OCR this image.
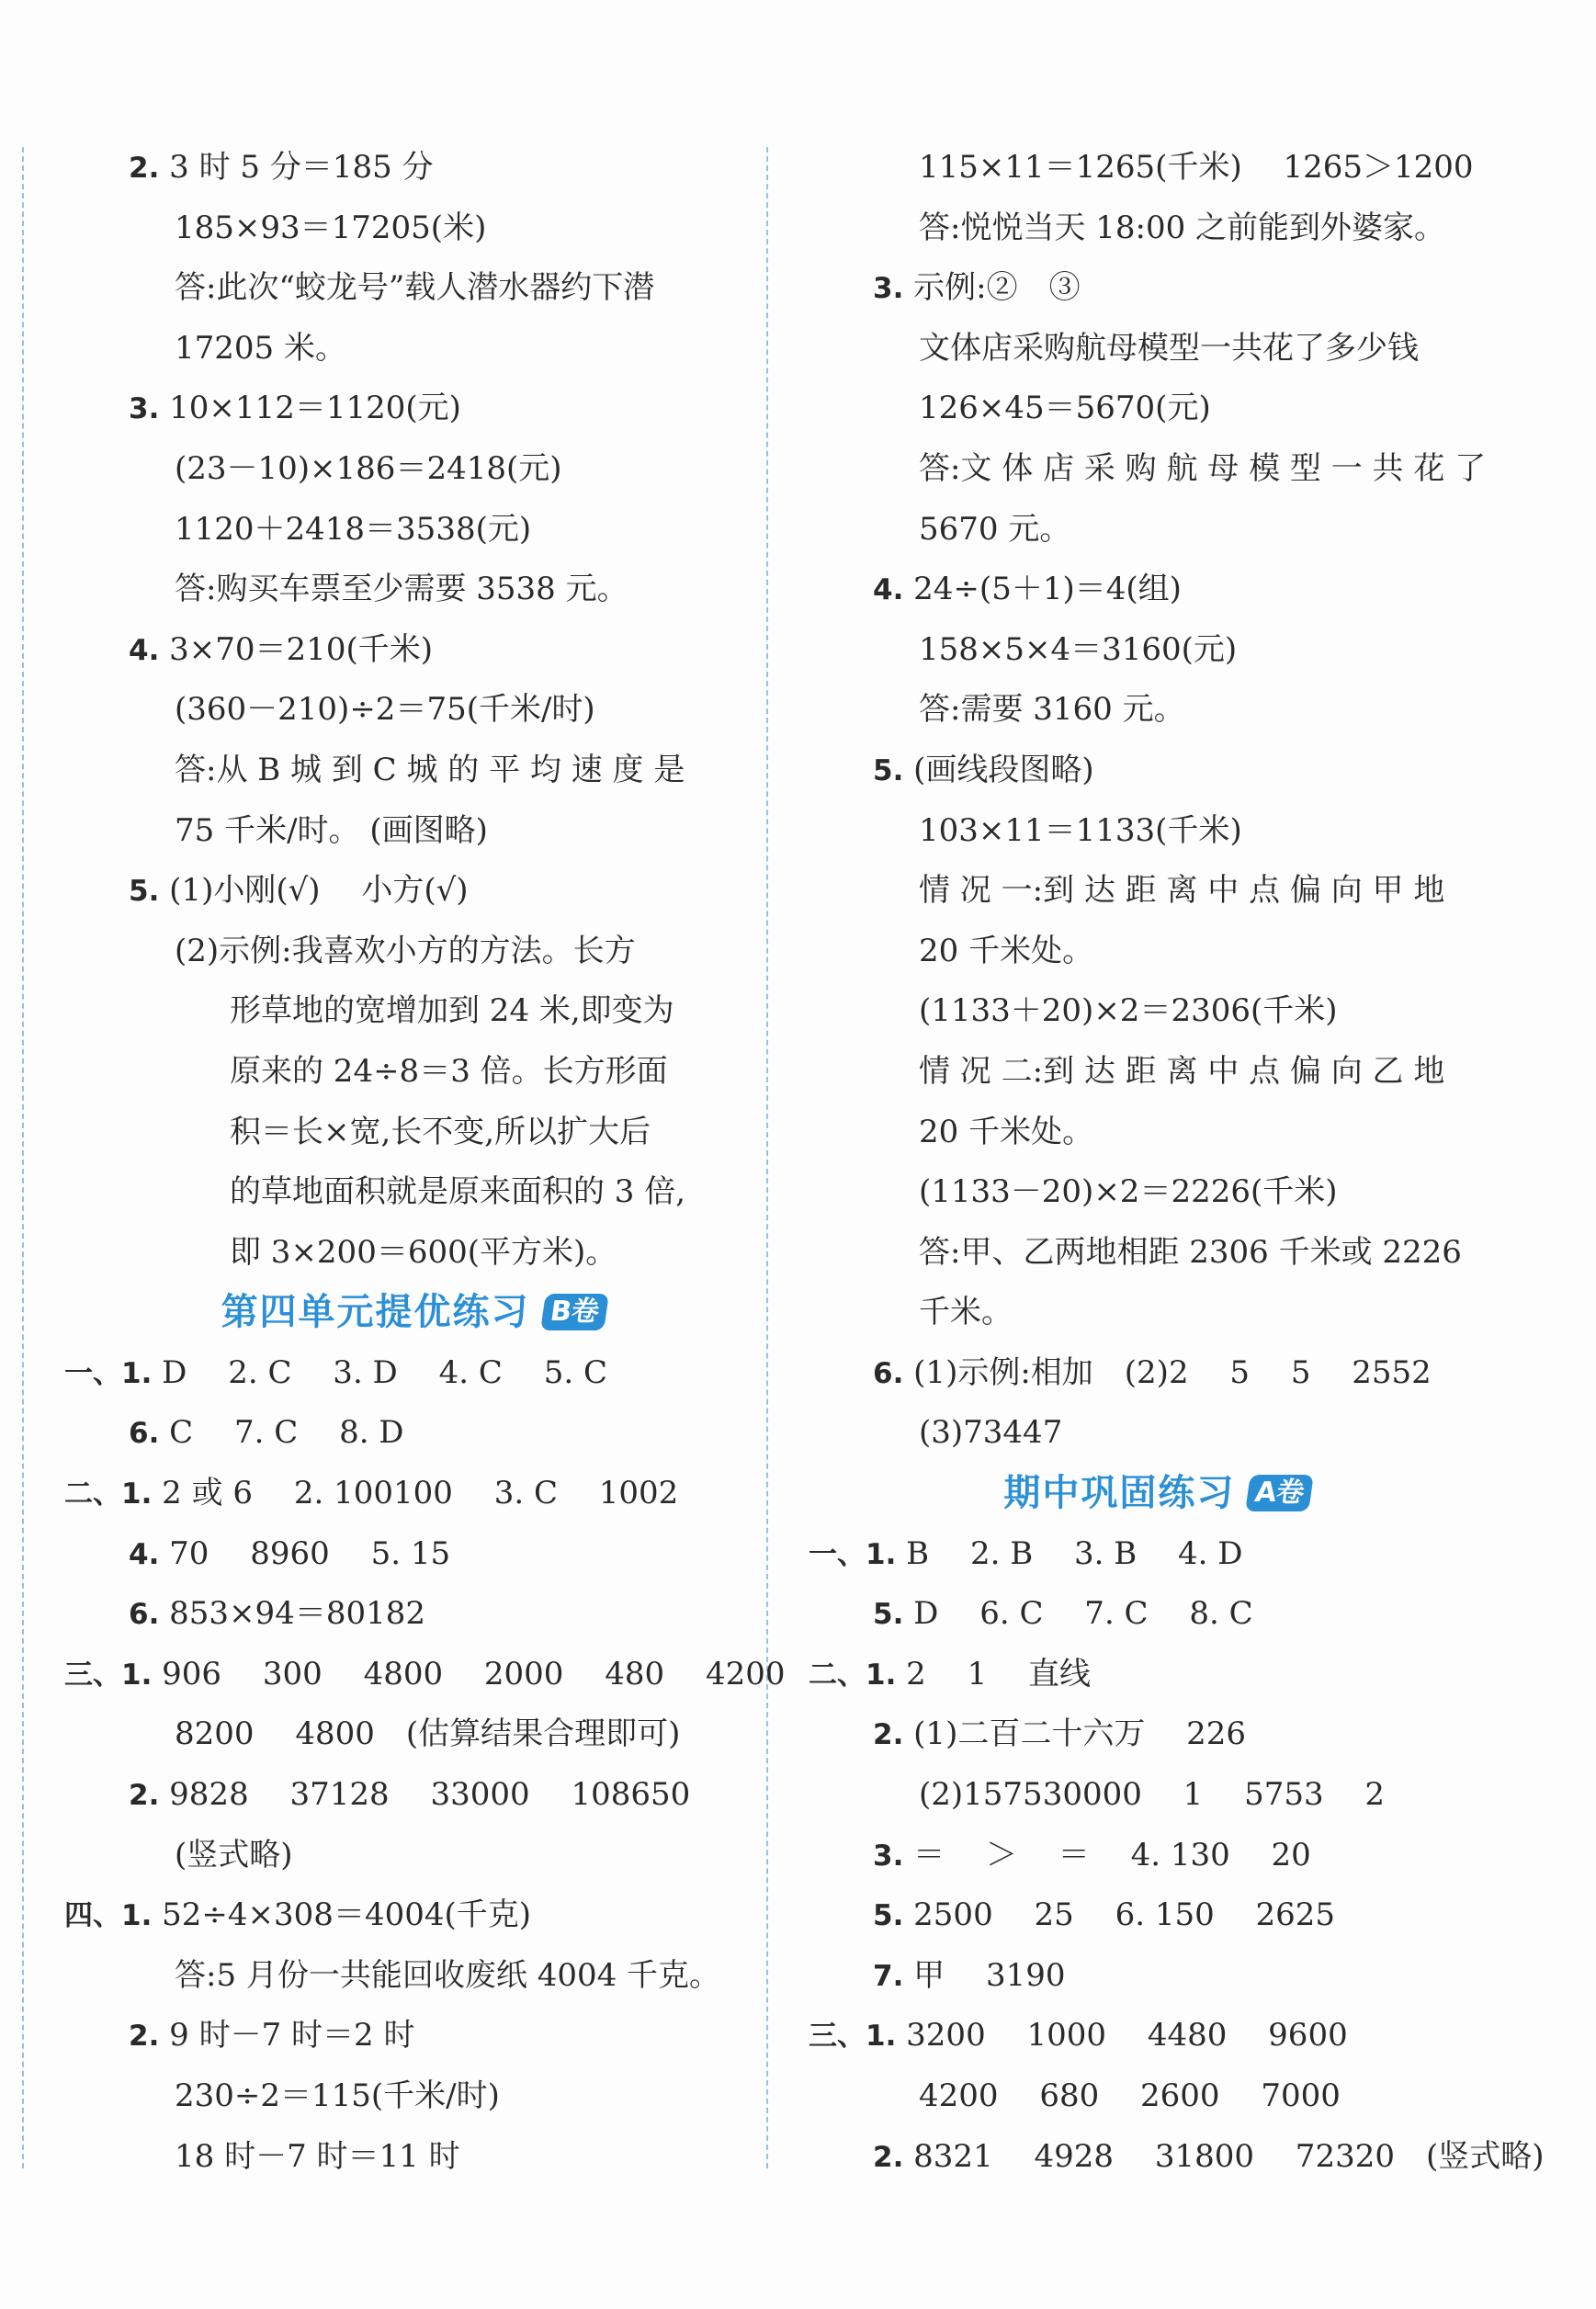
2. 3 时 5 分＝185 分
185×93＝17205(米)
答:此次“蛟龙号”载人潜水器约下潜
17205 米。
3. 10×112＝1120(元)
(23－10)×186＝2418(元)
1120＋2418＝3538(元)
答:购买车票至少需要 3538 元。
4. 3×70＝210(千米)
(360－210)÷2＝75(千米/时)
答:从 B 城 到 C 城 的 平 均 速 度 是
75 千米/时。 (画图略)
5. (1)小刚(√)　 小方(√)
(2)示例:我喜欢小方的方法。长方
形草地的宽增加到 24 米,即变为
原来的 24÷8＝3 倍。长方形面
积＝长×宽,长不变,所以扩大后
的草地面积就是原来面积的 3 倍,
即 3×200＝600(平方米)。
第四单元提优练习 B卷
一、1. D　 2. C　 3. D　 4. C　 5. C
6. C　 7. C　 8. D
二、1. 2 或 6　 2. 100100　 3. C　 1002
4. 70　 8960　 5. 15
6. 853×94＝80182
三、1. 906　 300　 4800　 2000　 480　 4200
8200　 4800　(估算结果合理即可)
2. 9828　 37128　 33000　 108650
(竖式略)
四、1. 52÷4×308＝4004(千克)
答:5 月份一共能回收废纸 4004 千克。
2. 9 时－7 时＝2 时
230÷2＝115(千米/时)
18 时－7 时＝11 时
115×11＝1265(千米)　 1265＞1200
答:悦悦当天 18:00 之前能到外婆家。
3. 示例:②　③
文体店采购航母模型一共花了多少钱
126×45＝5670(元)
答:文 体 店 采 购 航 母 模 型 一 共 花 了
5670 元。
4. 24÷(5＋1)＝4(组)
158×5×4＝3160(元)
答:需要 3160 元。
5. (画线段图略)
103×11＝1133(千米)
情 况 一:到 达 距 离 中 点 偏 向 甲 地
20 千米处。
(1133＋20)×2＝2306(千米)
情 况 二:到 达 距 离 中 点 偏 向 乙 地
20 千米处。
(1133－20)×2＝2226(千米)
答:甲、乙两地相距 2306 千米或 2226
千米。
6. (1)示例:相加　(2)2　 5　 5　 2552
(3)73447
期中巩固练习 A卷
一、1. B　 2. B　 3. B　 4. D
5. D　 6. C　 7. C　 8. C
二、1. 2　 1　 直线
2. (1)二百二十六万　 226
(2)157530000　 1　 5753　 2
3. ＝　 ＞　 ＝　 4. 130　 20
5. 2500　 25　 6. 150　 2625
7. 甲　 3190
三、1. 3200　 1000　 4480　 9600
4200　 680　 2600　 7000
2. 8321　 4928　 31800　 72320　(竖式略)
